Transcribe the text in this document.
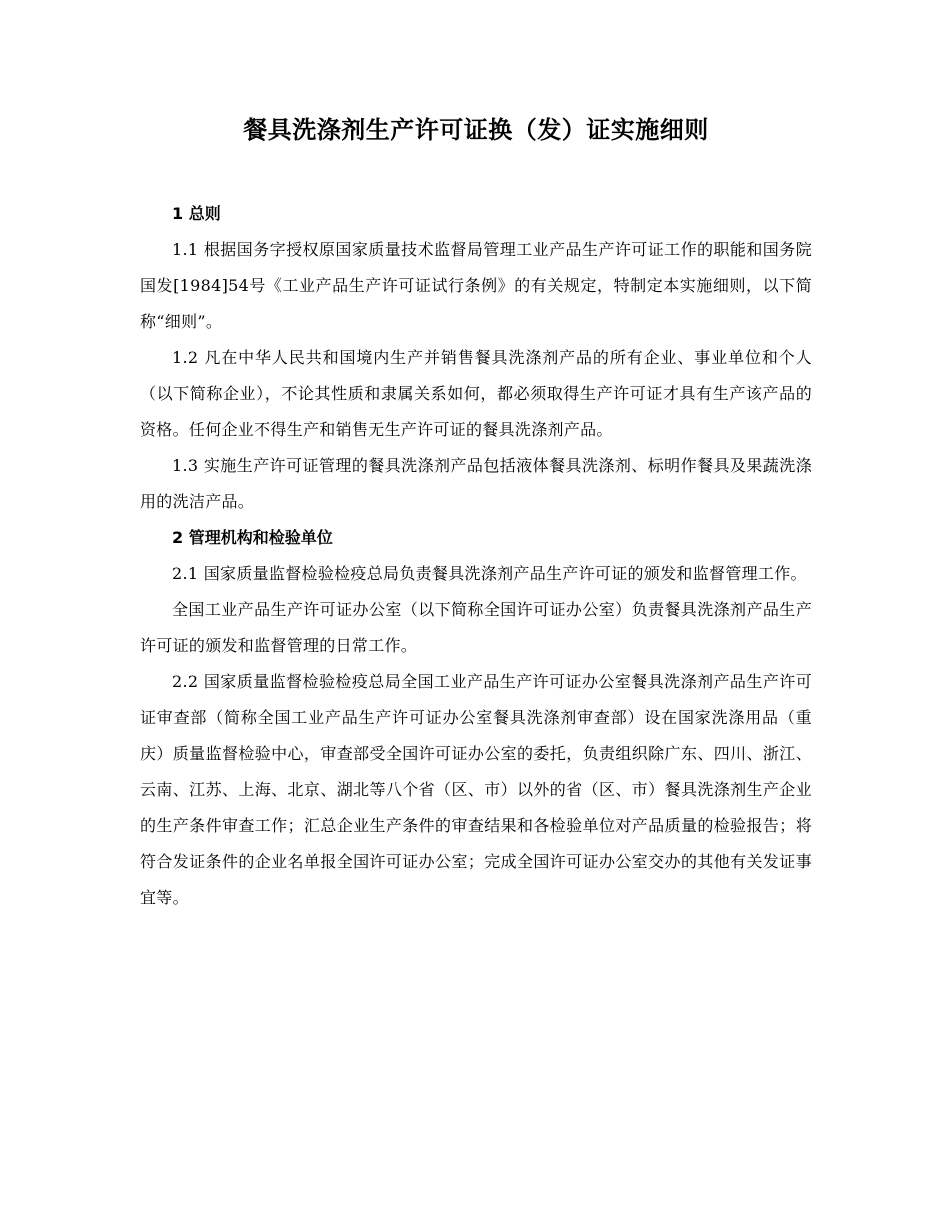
餐具洗涤剂生产许可证换（发）证实施细则

1 总则

1.1 根据国务字授权原国家质量技术监督局管理工业产品生产许可证工作的职能和国务院国发[1984]54号《工业产品生产许可证试行条例》的有关规定，特制定本实施细则，以下简称“细则”。

1.2 凡在中华人民共和国境内生产并销售餐具洗涤剂产品的所有企业、事业单位和个人（以下简称企业），不论其性质和隶属关系如何，都必须取得生产许可证才具有生产该产品的资格。任何企业不得生产和销售无生产许可证的餐具洗涤剂产品。

1.3 实施生产许可证管理的餐具洗涤剂产品包括液体餐具洗涤剂、标明作餐具及果蔬洗涤用的洗洁产品。

2 管理机构和检验单位

2.1 国家质量监督检验检疫总局负责餐具洗涤剂产品生产许可证的颁发和监督管理工作。

全国工业产品生产许可证办公室（以下简称全国许可证办公室）负责餐具洗涤剂产品生产许可证的颁发和监督管理的日常工作。

2.2 国家质量监督检验检疫总局全国工业产品生产许可证办公室餐具洗涤剂产品生产许可证审查部（简称全国工业产品生产许可证办公室餐具洗涤剂审查部）设在国家洗涤用品（重庆）质量监督检验中心，审查部受全国许可证办公室的委托，负责组织除广东、四川、浙江、云南、江苏、上海、北京、湖北等八个省（区、市）以外的省（区、市）餐具洗涤剂生产企业的生产条件审查工作；汇总企业生产条件的审查结果和各检验单位对产品质量的检验报告；将符合发证条件的企业名单报全国许可证办公室；完成全国许可证办公室交办的其他有关发证事宜等。
